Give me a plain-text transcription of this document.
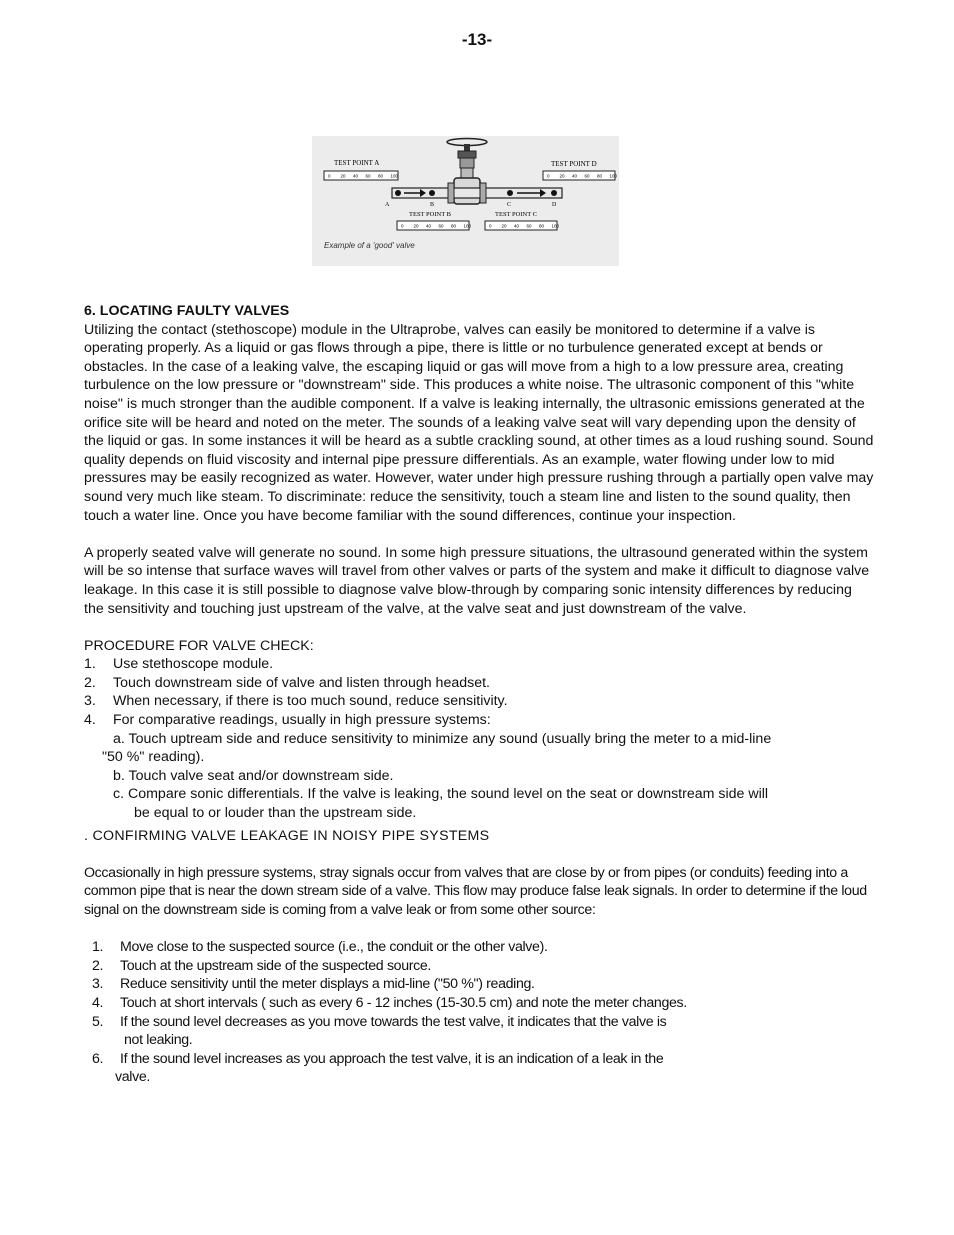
-13-
A	B	C	D
TEST POINT A	TEST POINT D
TEST POINT B	TEST POINT C
0 20 40 60 80 100	0 20 40 60 80 100
0 20 40 60 80 100	0 20 40 60 80 100
Example of a 'good' valve

6. LOCATING FAULTY VALVES

Utilizing the contact (stethoscope) module in the Ultraprobe, valves can easily be monitored to determine if a valve is operating properly. As a liquid or gas flows through a pipe, there is little or no turbulence generated except at bends or obstacles. In the case of a leaking valve, the escaping liquid or gas will move from a high to a low pressure area, creating turbulence on the low pressure or "downstream" side. This produces a white noise. The ultrasonic component of this "white noise" is much stronger than the audible component. If a valve is leaking internally, the ultrasonic emissions generated at the orifice site will be heard and noted on the meter. The sounds of a leaking valve seat will vary depending upon the density of the liquid or gas. In some instances it will be heard as a subtle crackling sound, at other times as a loud rushing sound. Sound quality depends on fluid viscosity and internal pipe pressure differentials. As an example, water flowing under low to mid pressures may be easily recognized as water. However, water under high pressure rushing through a partially open valve may sound very much like steam. To discriminate: reduce the sensitivity, touch a steam line and listen to the sound quality, then touch a water line. Once you have become familiar with the sound differences, continue your inspection.

A properly seated valve will generate no sound. In some high pressure situations, the ultrasound generated within the system will be so intense that surface waves will travel from other valves or parts of the system and make it difficult to diagnose valve leakage. In this case it is still possible to diagnose valve blow-through by comparing sonic intensity differences by reducing the sensitivity and touching just upstream of the valve, at the valve seat and just downstream of the valve.

PROCEDURE FOR VALVE CHECK:

1.	Use stethoscope module.
2.	Touch downstream side of valve and listen through headset.
3.	When necessary, if there is too much sound, reduce sensitivity.
4.	For comparative readings, usually in high pressure systems:
a. Touch uptream side and reduce sensitivity to minimize any sound (usually bring the meter to a mid-line
"50 %" reading).
b. Touch valve seat and/or downstream side.
c. Compare sonic differentials. If the valve is leaking, the sound level on the seat or downstream side will
be equal to or louder than the upstream side.

. CONFIRMING VALVE LEAKAGE IN NOISY PIPE SYSTEMS

Occasionally in high pressure systems, stray signals occur from valves that are close by or from pipes (or conduits) feeding into a common pipe that is near the down stream side of a valve. This flow may produce false leak signals. In order to determine if the loud signal on the downstream side is coming from a valve leak or from some other source:

1.	Move close to the suspected source (i.e., the conduit or the other valve).
2.	Touch at the upstream side of the suspected source.
3.	Reduce sensitivity until the meter displays a mid-line ("50 %") reading.
4.	Touch at short intervals ( such as every 6 - 12 inches (15-30.5 cm) and note the meter changes.
5.	If the sound level decreases as you move towards the test valve, it indicates that the valve is
not leaking.
6.	If the sound level increases as you approach the test valve, it is an indication of a leak in the
valve.
